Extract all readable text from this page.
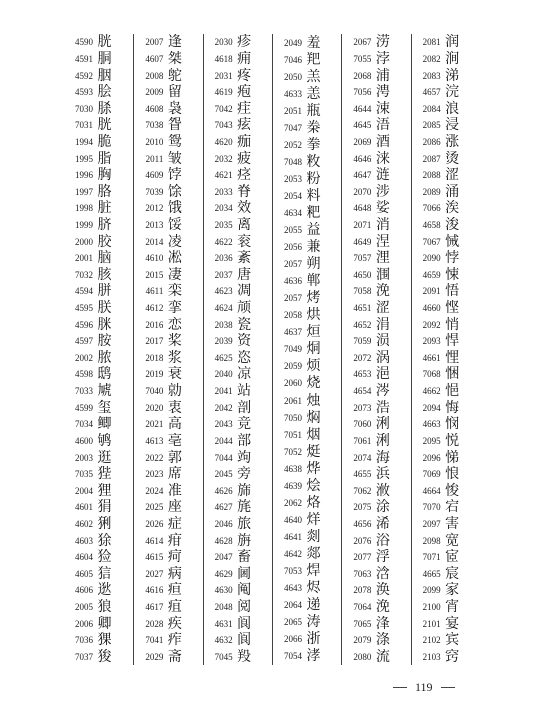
4590 胱
4591 胴
4592 胭
4593 脍
7030 脎
7031 胱
1994 脆
1995 脂
1996 胸
1997 胳
1998 脏
1999 脐
2000 胶
2001 脑
7032 胲
4594 胼
4595 朕
4596 脒
4597 胺
2002 脓
4598 鸱
7033 虓
4599 玺
7034 鲫
4600 鸲
2003 逛
7035 狴
2004 狸
4601 狷
4602 猁
4603 狳
4604 猃
4605 狺
4606 逖
2005 狼
2006 卿
7036 猓
7037 狻
2007 逢
4607 桀
2008 鸵
2009 留
4608 袅
7038 眢
2010 鸳
2011 皱
4609 饽
7039 馀
2012 饿
2013 馁
2014 凌
4610 凇
2015 凄
4611 栾
4612 挛
2016 恋
2017 桨
2018 浆
2019 衰
7040 勍
2020 衷
2021 高
4613 亳
2022 郭
2023 席
2024 准
2025 座
2026 症
4614 疳
4615 疴
2027 病
4616 疸
4617 疽
2028 疾
7041 痄
2029 斋
2030 疹
4618 痈
2031 疼
4619 疱
7042 疰
7043 痃
4620 痂
2032 疲
4621 痉
2033 脊
2034 效
2035 离
4622 衮
2036 紊
2037 唐
4623 凋
4624 颃
2038 瓷
2039 资
4625 恣
2040 凉
2041 站
2042 剖
2043 竞
2044 部
7044 竘
2045 旁
4626 旆
4627 旄
2046 旅
4628 旃
2047 畜
4629 阃
4630 阄
2048 阅
4631 阆
4632 阆
7045 羖
2049 羞
7046 羓
2050 羔
4633 恙
2051 瓶
7047 桊
2052 拳
7048 敉
2053 粉
2054 料
4634 粑
2055 益
2056 兼
2057 朔
4636 郸
2057 烤
2058 烘
4637 烜
7049 烔
2059 烦
2060 烧
2061 烛
7050 焖
7051 烟
7052 烶
4638 烨
4639 烩
2062 烙
4640 烊
4641 剡
4642 郯
7053 焊
4643 烬
2064 递
2065 涛
2066 浙
7054 涍
2067 涝
7055 浡
2068 浦
7056 涄
4644 涑
4645 浯
2069 酒
4646 涞
4647 涟
2070 涉
4648 娑
2071 消
4649 涅
7057 浬
4650 涠
7058 浼
4651 涩
4652 涓
7059 涢
2072 涡
4653 浥
4654 涔
2073 浩
7060 浰
7061 浰
2074 海
4655 浜
7062 浟
2075 涂
4656 浠
2076 浴
2077 浮
7063 浛
2078 涣
7064 浼
7065 浲
2079 涤
2080 流
2081 润
2082 涧
2083 涕
4657 浣
2084 浪
2085 浸
2086 涨
2087 烫
2088 涩
2089 涌
7066 涘
4658 浚
7067 悈
2090 悖
4659 悚
2091 悟
4660 悭
2092 悄
2093 悍
4661 悝
7068 悃
4662 悒
2094 悔
4663 悯
2095 悦
2096 悌
7069 悢
4664 悛
7070 宕
2097 害
2098 宽
7071 宧
4665 宸
2099 家
2100 宵
2101 宴
2102 宾
2103 窍
119
